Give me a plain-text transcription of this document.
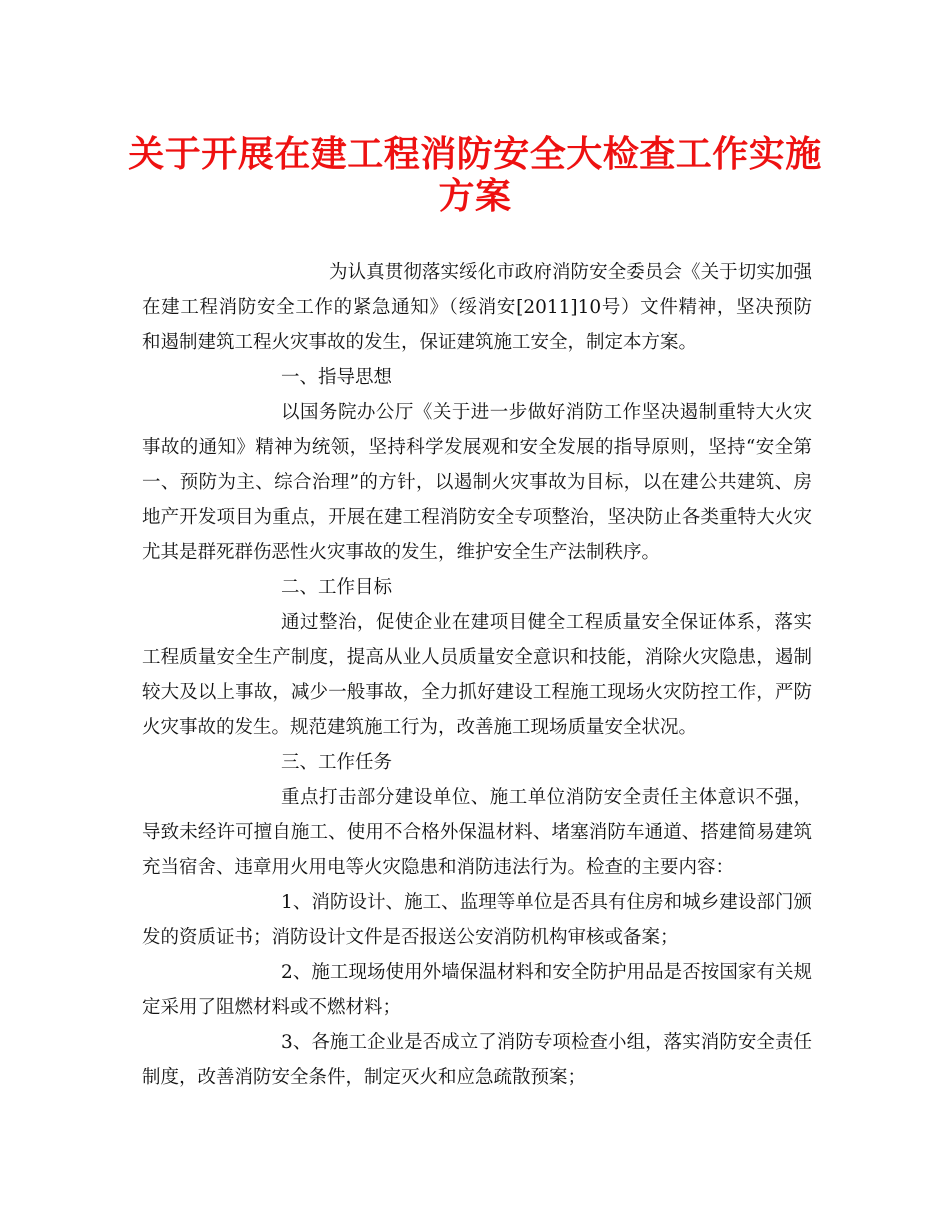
关于开展在建工程消防安全大检查工作实施
方案
为认真贯彻落实绥化市政府消防安全委员会《关于切实加强
在建工程消防安全工作的紧急通知》（绥消安[2011]10号）文件精神，坚决预防
和遏制建筑工程火灾事故的发生，保证建筑施工安全，制定本方案。
一、指导思想
以国务院办公厅《关于进一步做好消防工作坚决遏制重特大火灾
事故的通知》精神为统领，坚持科学发展观和安全发展的指导原则，坚持“安全第
一、预防为主、综合治理”的方针，以遏制火灾事故为目标，以在建公共建筑、房
地产开发项目为重点，开展在建工程消防安全专项整治，坚决防止各类重特大火灾
尤其是群死群伤恶性火灾事故的发生，维护安全生产法制秩序。
二、工作目标
通过整治，促使企业在建项目健全工程质量安全保证体系，落实
工程质量安全生产制度，提高从业人员质量安全意识和技能，消除火灾隐患，遏制
较大及以上事故，减少一般事故，全力抓好建设工程施工现场火灾防控工作，严防
火灾事故的发生。规范建筑施工行为，改善施工现场质量安全状况。
三、工作任务
重点打击部分建设单位、施工单位消防安全责任主体意识不强，
导致未经许可擅自施工、使用不合格外保温材料、堵塞消防车通道、搭建简易建筑
充当宿舍、违章用火用电等火灾隐患和消防违法行为。检查的主要内容：
1、消防设计、施工、监理等单位是否具有住房和城乡建设部门颁
发的资质证书；消防设计文件是否报送公安消防机构审核或备案；
2、施工现场使用外墙保温材料和安全防护用品是否按国家有关规
定采用了阻燃材料或不燃材料；
3、各施工企业是否成立了消防专项检查小组，落实消防安全责任
制度，改善消防安全条件，制定灭火和应急疏散预案；
